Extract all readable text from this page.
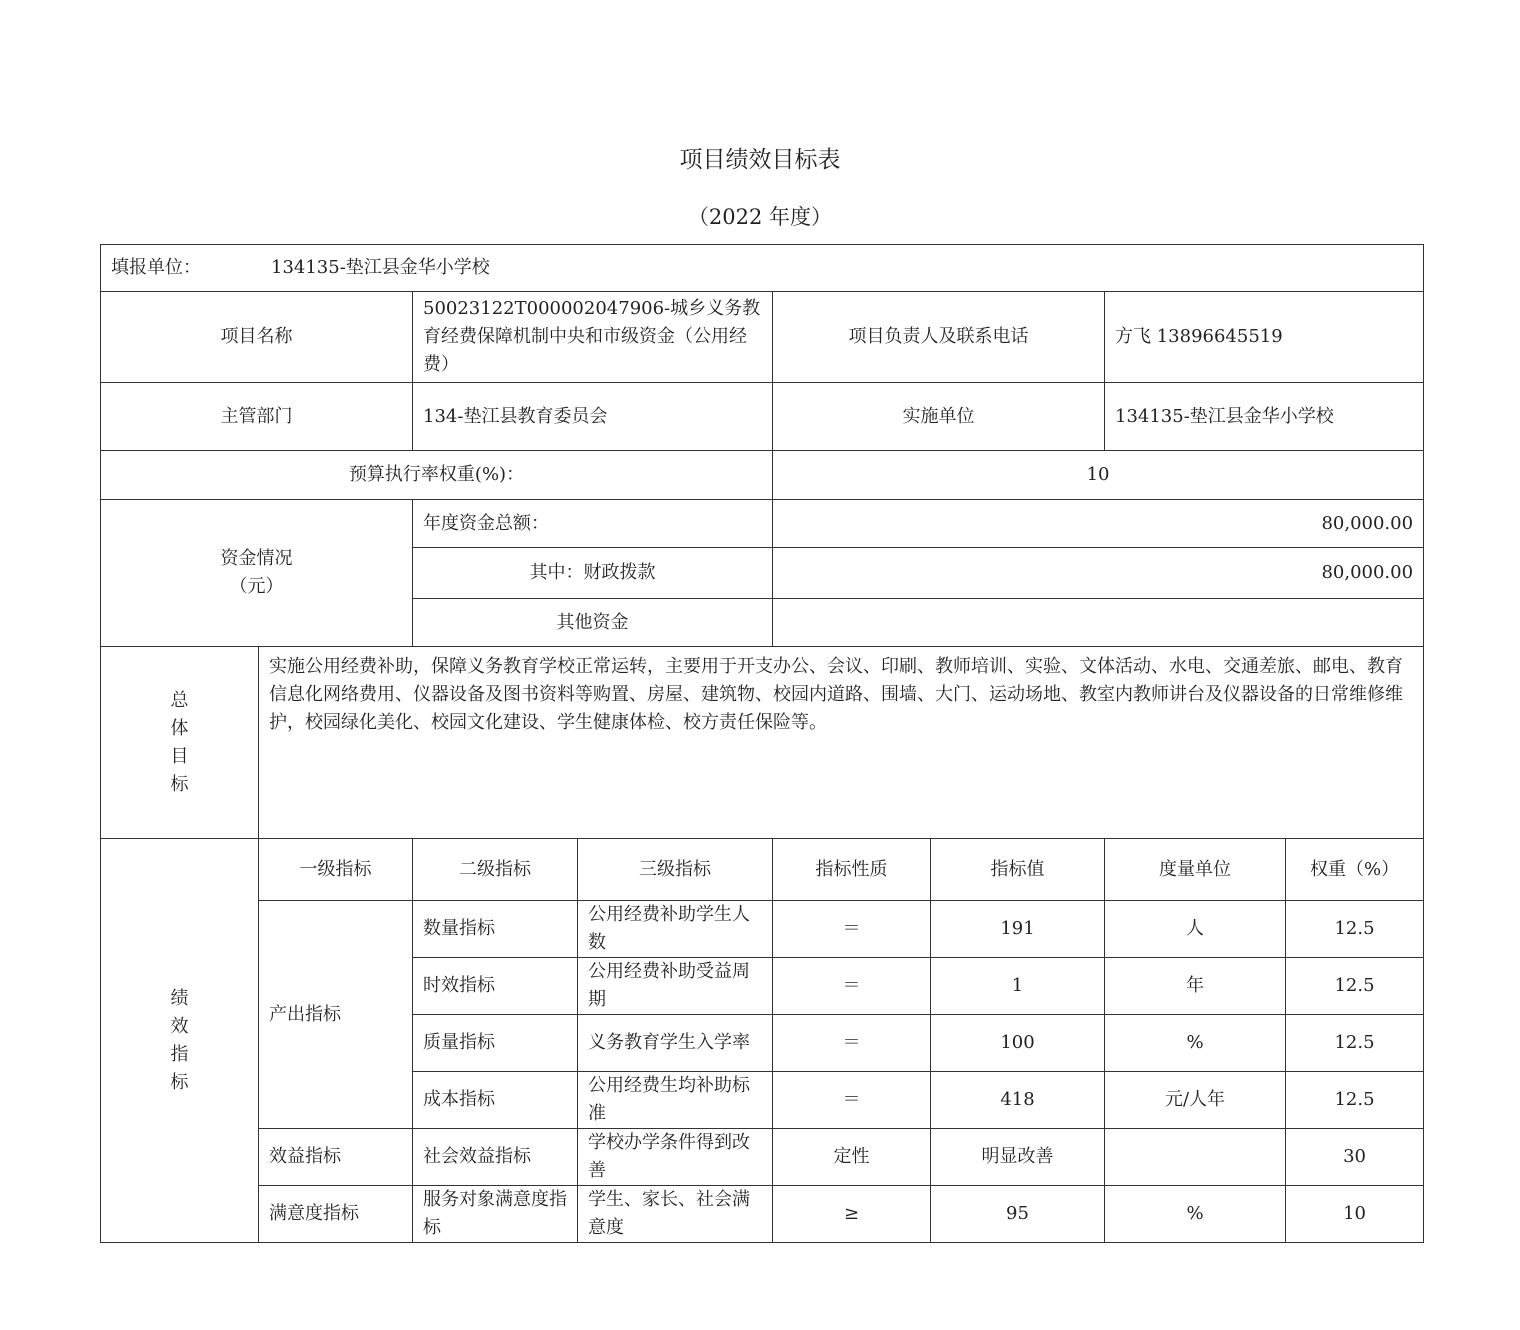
项目绩效目标表
（2022 年度）
填报单位： 134135-垫江县金华小学校							
项目名称		50023122T000002047906-城乡义务教育经费保障机制中央和市级资金（公用经费）		项目负责人及联系电话		方飞 13896645519	
主管部门		134-垫江县教育委员会		实施单位		134135-垫江县金华小学校	
预算执行率权重(%)：				10			

资金情况
（元）		年度资金总额：		80,000.00			
		其中：财政拨款		80,000.00			
		其他资金					

总
体
目
标	实施公用经费补助，保障义务教育学校正常运转，主要用于开支办公、会议、印刷、教师培训、实验、文体活动、水电、交通差旅、邮电、教育信息化网络费用、仪器设备及图书资料等购置、房屋、建筑物、校园内道路、围墙、大门、运动场地、教室内教师讲台及仪器设备的日常维修维护，校园绿化美化、校园文化建设、学生健康体检、校方责任保险等。						

绩
效
指
标	一级指标	二级指标	三级指标	指标性质	指标值	度量单位	权重（%）
	产出指标	数量指标	公用经费补助学生人数	＝	191	人	12.5
		时效指标	公用经费补助受益周期	＝	1	年	12.5
		质量指标	义务教育学生入学率	＝	100	%	12.5
		成本指标	公用经费生均补助标准	＝	418	元/人年	12.5
	效益指标	社会效益指标	学校办学条件得到改善	定性	明显改善		30
	满意度指标	服务对象满意度指标	学生、家长、社会满意度	≥	95	%	10
